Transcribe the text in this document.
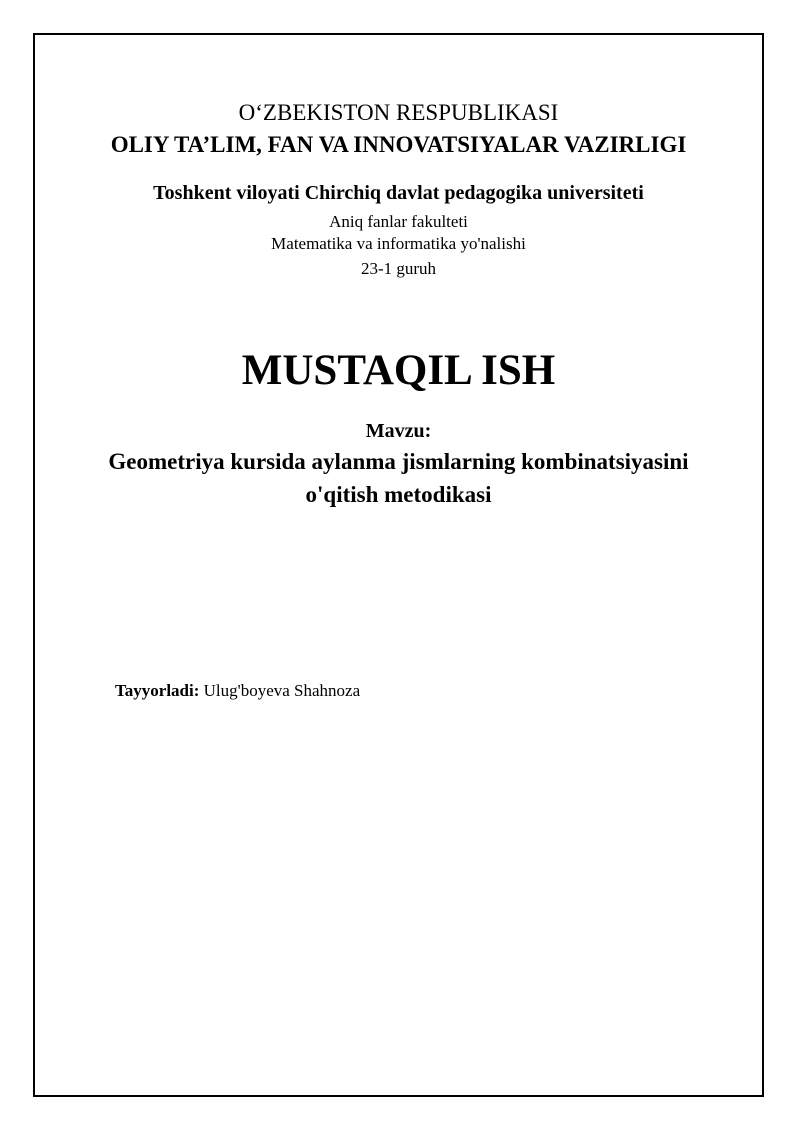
O‘ZBEKISTON RESPUBLIKASI
OLIY TA’LIM, FAN VA INNOVATSIYALAR VAZIRLIGI
Toshkent viloyati Chirchiq davlat pedagogika universiteti
Aniq fanlar fakulteti
Matematika va informatika yo'nalishi
23-1 guruh
MUSTAQIL ISH
Mavzu:
Geometriya kursida aylanma jismlarning kombinatsiyasini
o'qitish metodikasi
Tayyorladi: Ulug'boyeva Shahnoza
